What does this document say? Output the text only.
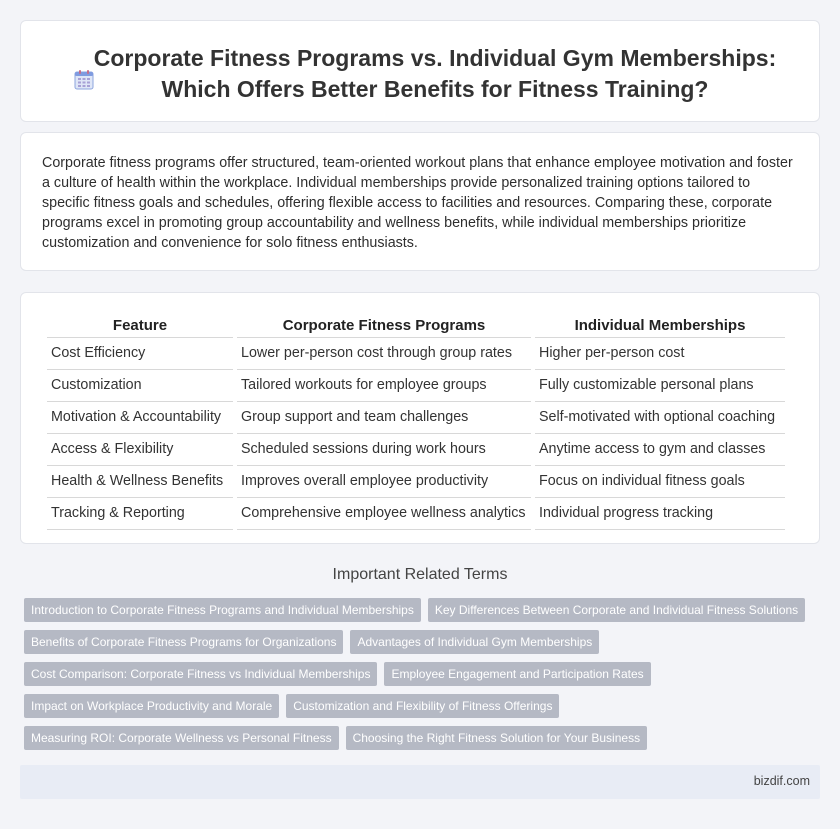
Corporate Fitness Programs vs. Individual Gym Memberships: Which Offers Better Benefits for Fitness Training?

Corporate fitness programs offer structured, team-oriented workout plans that enhance employee motivation and foster a culture of health within the workplace. Individual memberships provide personalized training options tailored to specific fitness goals and schedules, offering flexible access to facilities and resources. Comparing these, corporate programs excel in promoting group accountability and wellness benefits, while individual memberships prioritize customization and convenience for solo fitness enthusiasts.

Feature	Corporate Fitness Programs	Individual Memberships
Cost Efficiency	Lower per-person cost through group rates	Higher per-person cost
Customization	Tailored workouts for employee groups	Fully customizable personal plans
Motivation & Accountability	Group support and team challenges	Self-motivated with optional coaching
Access & Flexibility	Scheduled sessions during work hours	Anytime access to gym and classes
Health & Wellness Benefits	Improves overall employee productivity	Focus on individual fitness goals
Tracking & Reporting	Comprehensive employee wellness analytics	Individual progress tracking
Important Related Terms
Introduction to Corporate Fitness Programs and Individual Memberships	Key Differences Between Corporate and Individual Fitness Solutions
Benefits of Corporate Fitness Programs for Organizations	Advantages of Individual Gym Memberships
Cost Comparison: Corporate Fitness vs Individual Memberships	Employee Engagement and Participation Rates
Impact on Workplace Productivity and Morale	Customization and Flexibility of Fitness Offerings
Measuring ROI: Corporate Wellness vs Personal Fitness	Choosing the Right Fitness Solution for Your Business
bizdif.com
